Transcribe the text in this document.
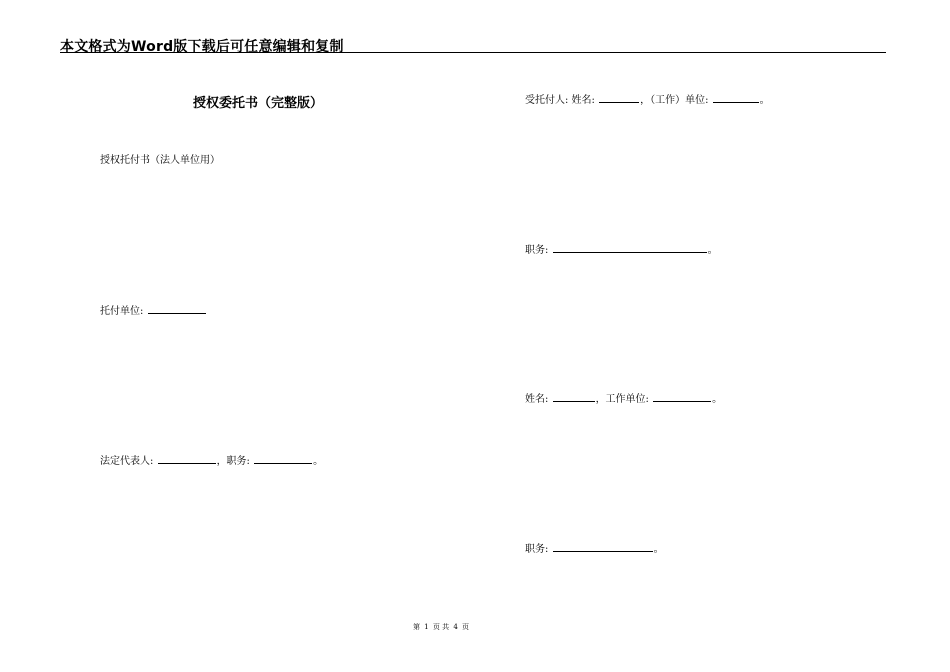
本文格式为Word版下载后可任意编辑和复制
授权委托书（完整版）
授权托付书（法人单位用）
托付单位:
法定代表人:	，职务:	。
受托付人: 姓名:	，（工作）单位:	。
职务:	。
姓名:	，工作单位:	。
职务:	。
第 1 页 共 4 页
